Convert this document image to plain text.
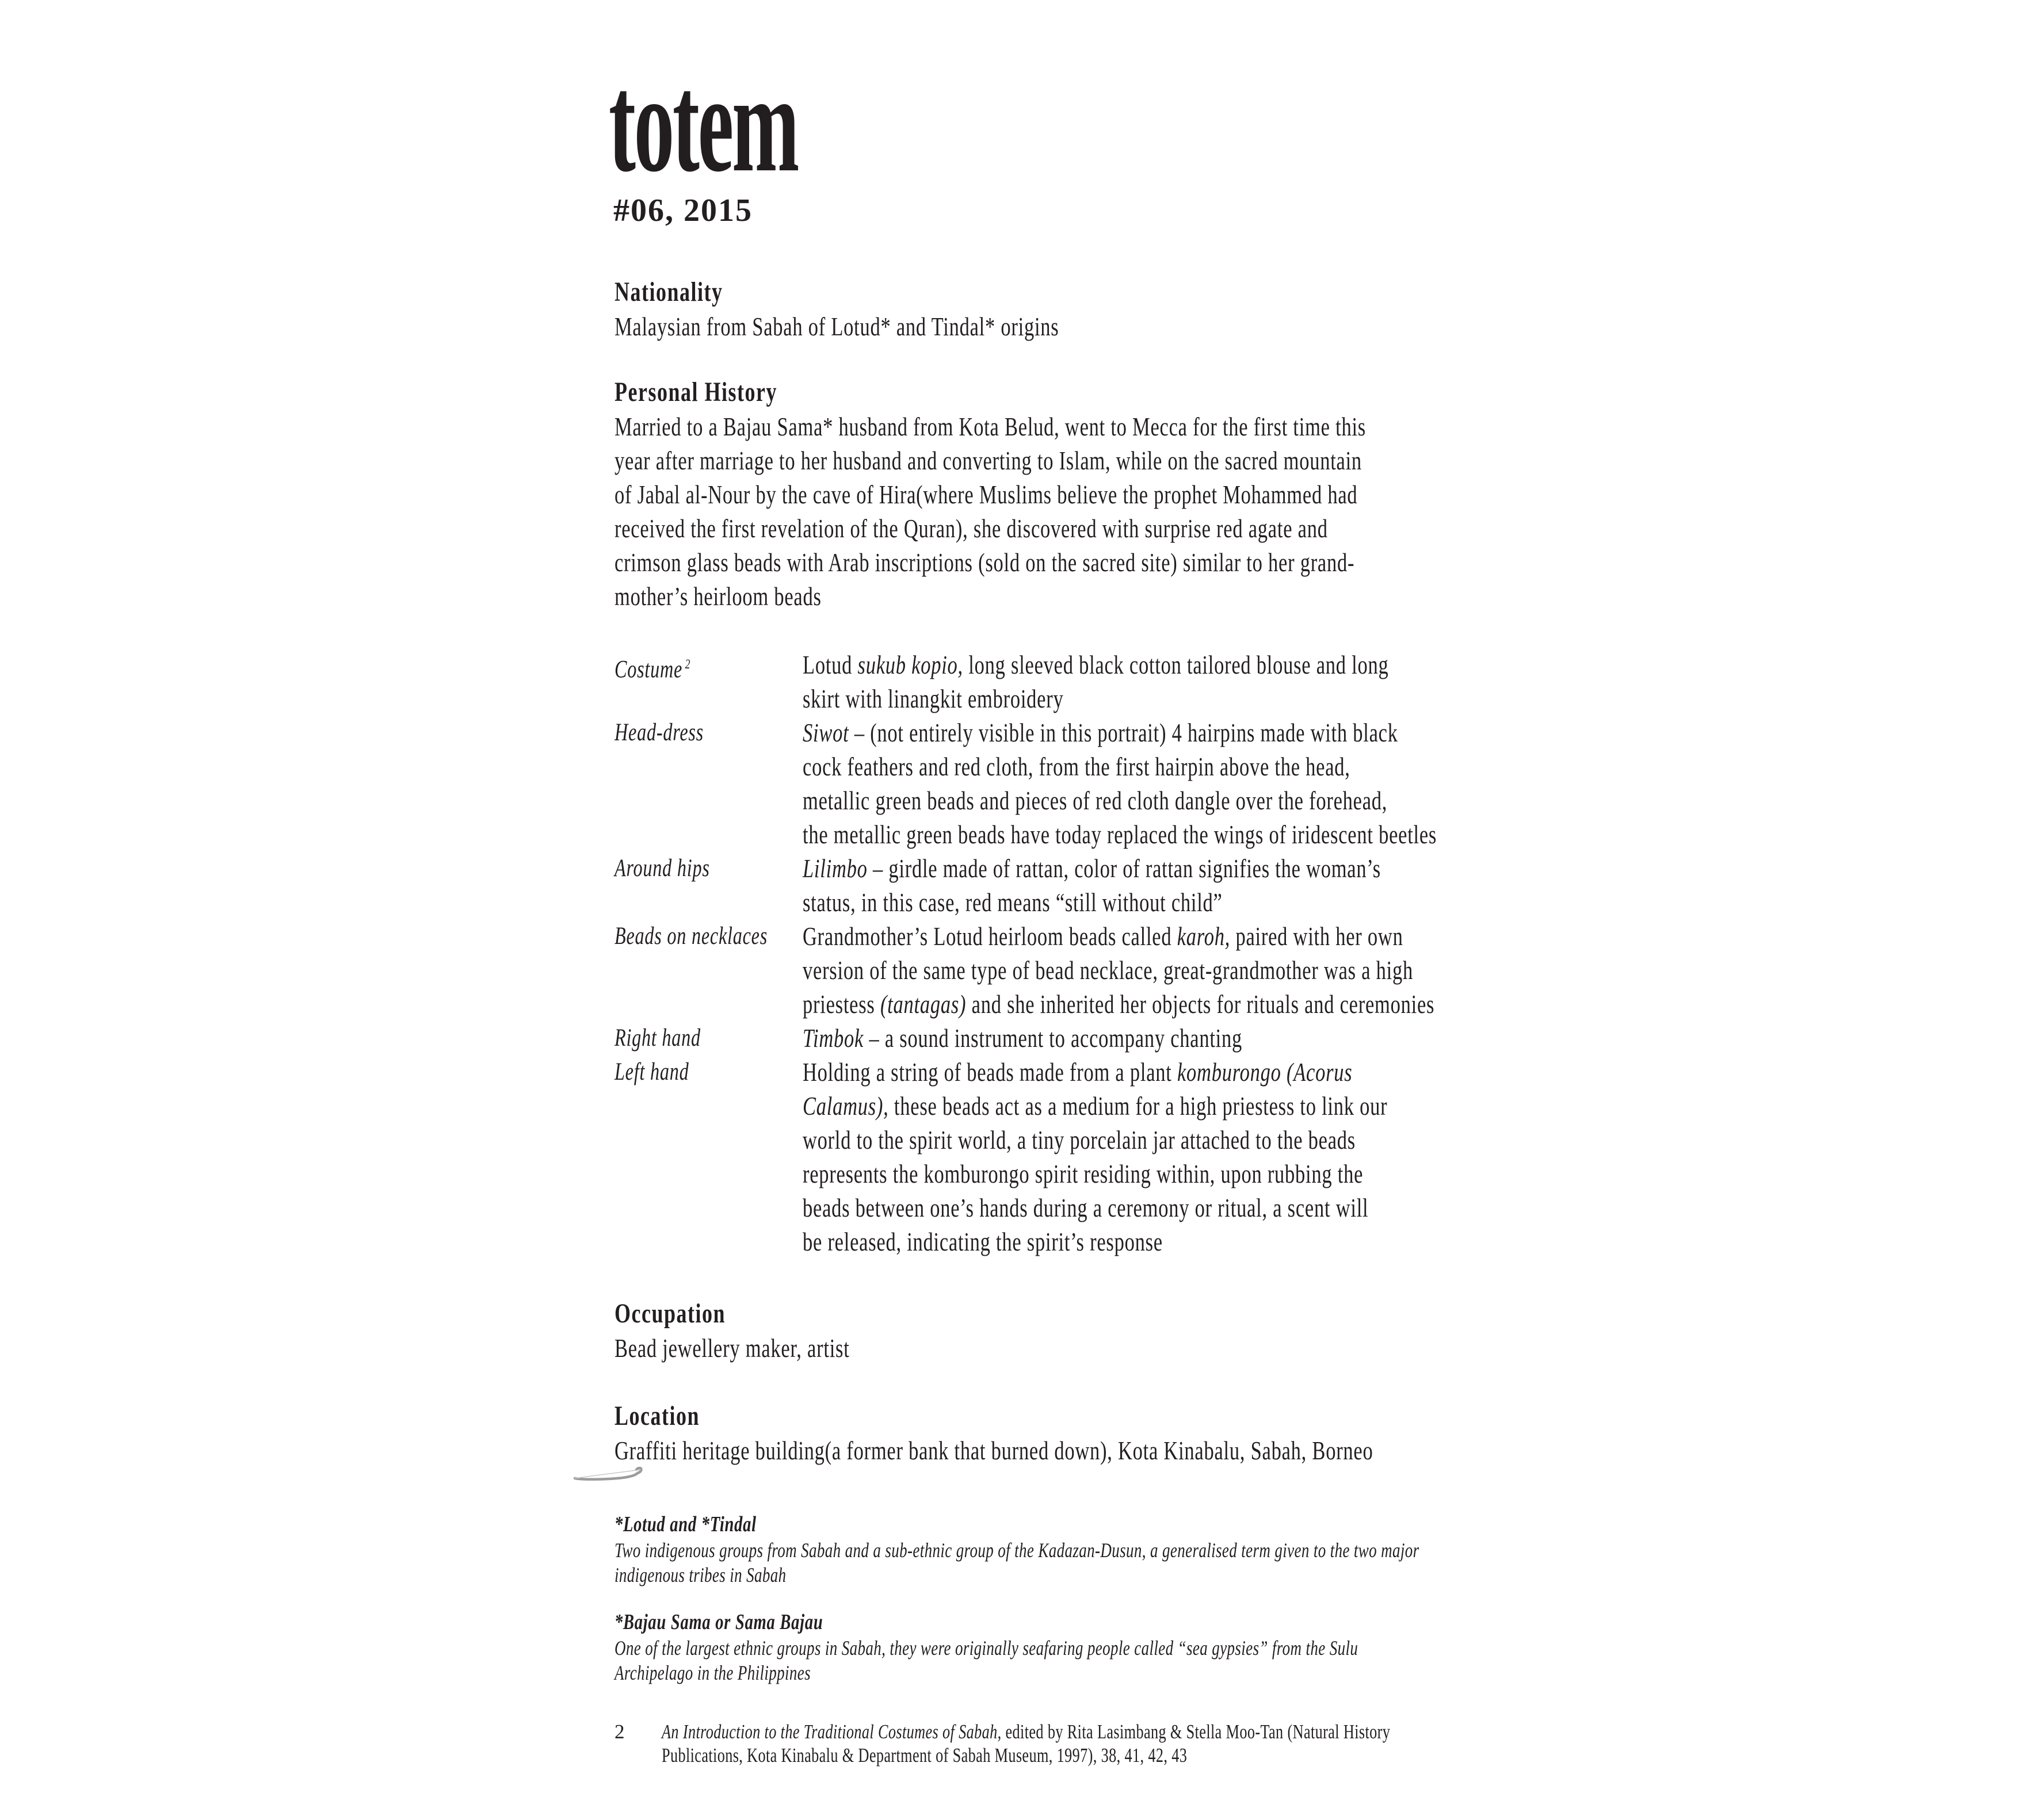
totem
#06, 2015
Nationality
Malaysian from Sabah of Lotud* and Tindal* origins
Personal History
Married to a Bajau Sama* husband from Kota Belud, went to Mecca for the first time this
year after marriage to her husband and converting to Islam, while on the sacred mountain
of Jabal al-Nour by the cave of Hira(where Muslims believe the prophet Mohammed had
received the first revelation of the Quran), she discovered with surprise red agate and
crimson glass beads with Arab inscriptions (sold on the sacred site) similar to her grand-
mother’s heirloom beads
Costume $^2$	Lotud sukub kopio, long sleeved black cotton tailored blouse and long
skirt with linangkit embroidery
Head-dress	Siwot – (not entirely visible in this portrait) 4 hairpins made with black
cock feathers and red cloth, from the first hairpin above the head,
metallic green beads and pieces of red cloth dangle over the forehead,
the metallic green beads have today replaced the wings of iridescent beetles
Around hips	Lilimbo – girdle made of rattan, color of rattan signifies the woman’s
status, in this case, red means “still without child”
Beads on necklaces	Grandmother’s Lotud heirloom beads called karoh, paired with her own
version of the same type of bead necklace, great-grandmother was a high
priestess (tantagas) and she inherited her objects for rituals and ceremonies
Right hand	Timbok – a sound instrument to accompany chanting
Left hand	Holding a string of beads made from a plant komburongo (Acorus
Calamus), these beads act as a medium for a high priestess to link our
world to the spirit world, a tiny porcelain jar attached to the beads
represents the komburongo spirit residing within, upon rubbing the
beads between one’s hands during a ceremony or ritual, a scent will
be released, indicating the spirit’s response
Occupation
Bead jewellery maker, artist
Location
Graffiti heritage building(a former bank that burned down), Kota Kinabalu, Sabah, Borneo
*Lotud and *Tindal
Two indigenous groups from Sabah and a sub-ethnic group of the Kadazan-Dusun, a generalised term given to the two major
indigenous tribes in Sabah
*Bajau Sama or Sama Bajau
One of the largest ethnic groups in Sabah, they were originally seafaring people called “sea gypsies” from the Sulu
Archipelago in the Philippines
2	An Introduction to the Traditional Costumes of Sabah, edited by Rita Lasimbang & Stella Moo-Tan (Natural History
Publications, Kota Kinabalu & Department of Sabah Museum, 1997), 38, 41, 42, 43
